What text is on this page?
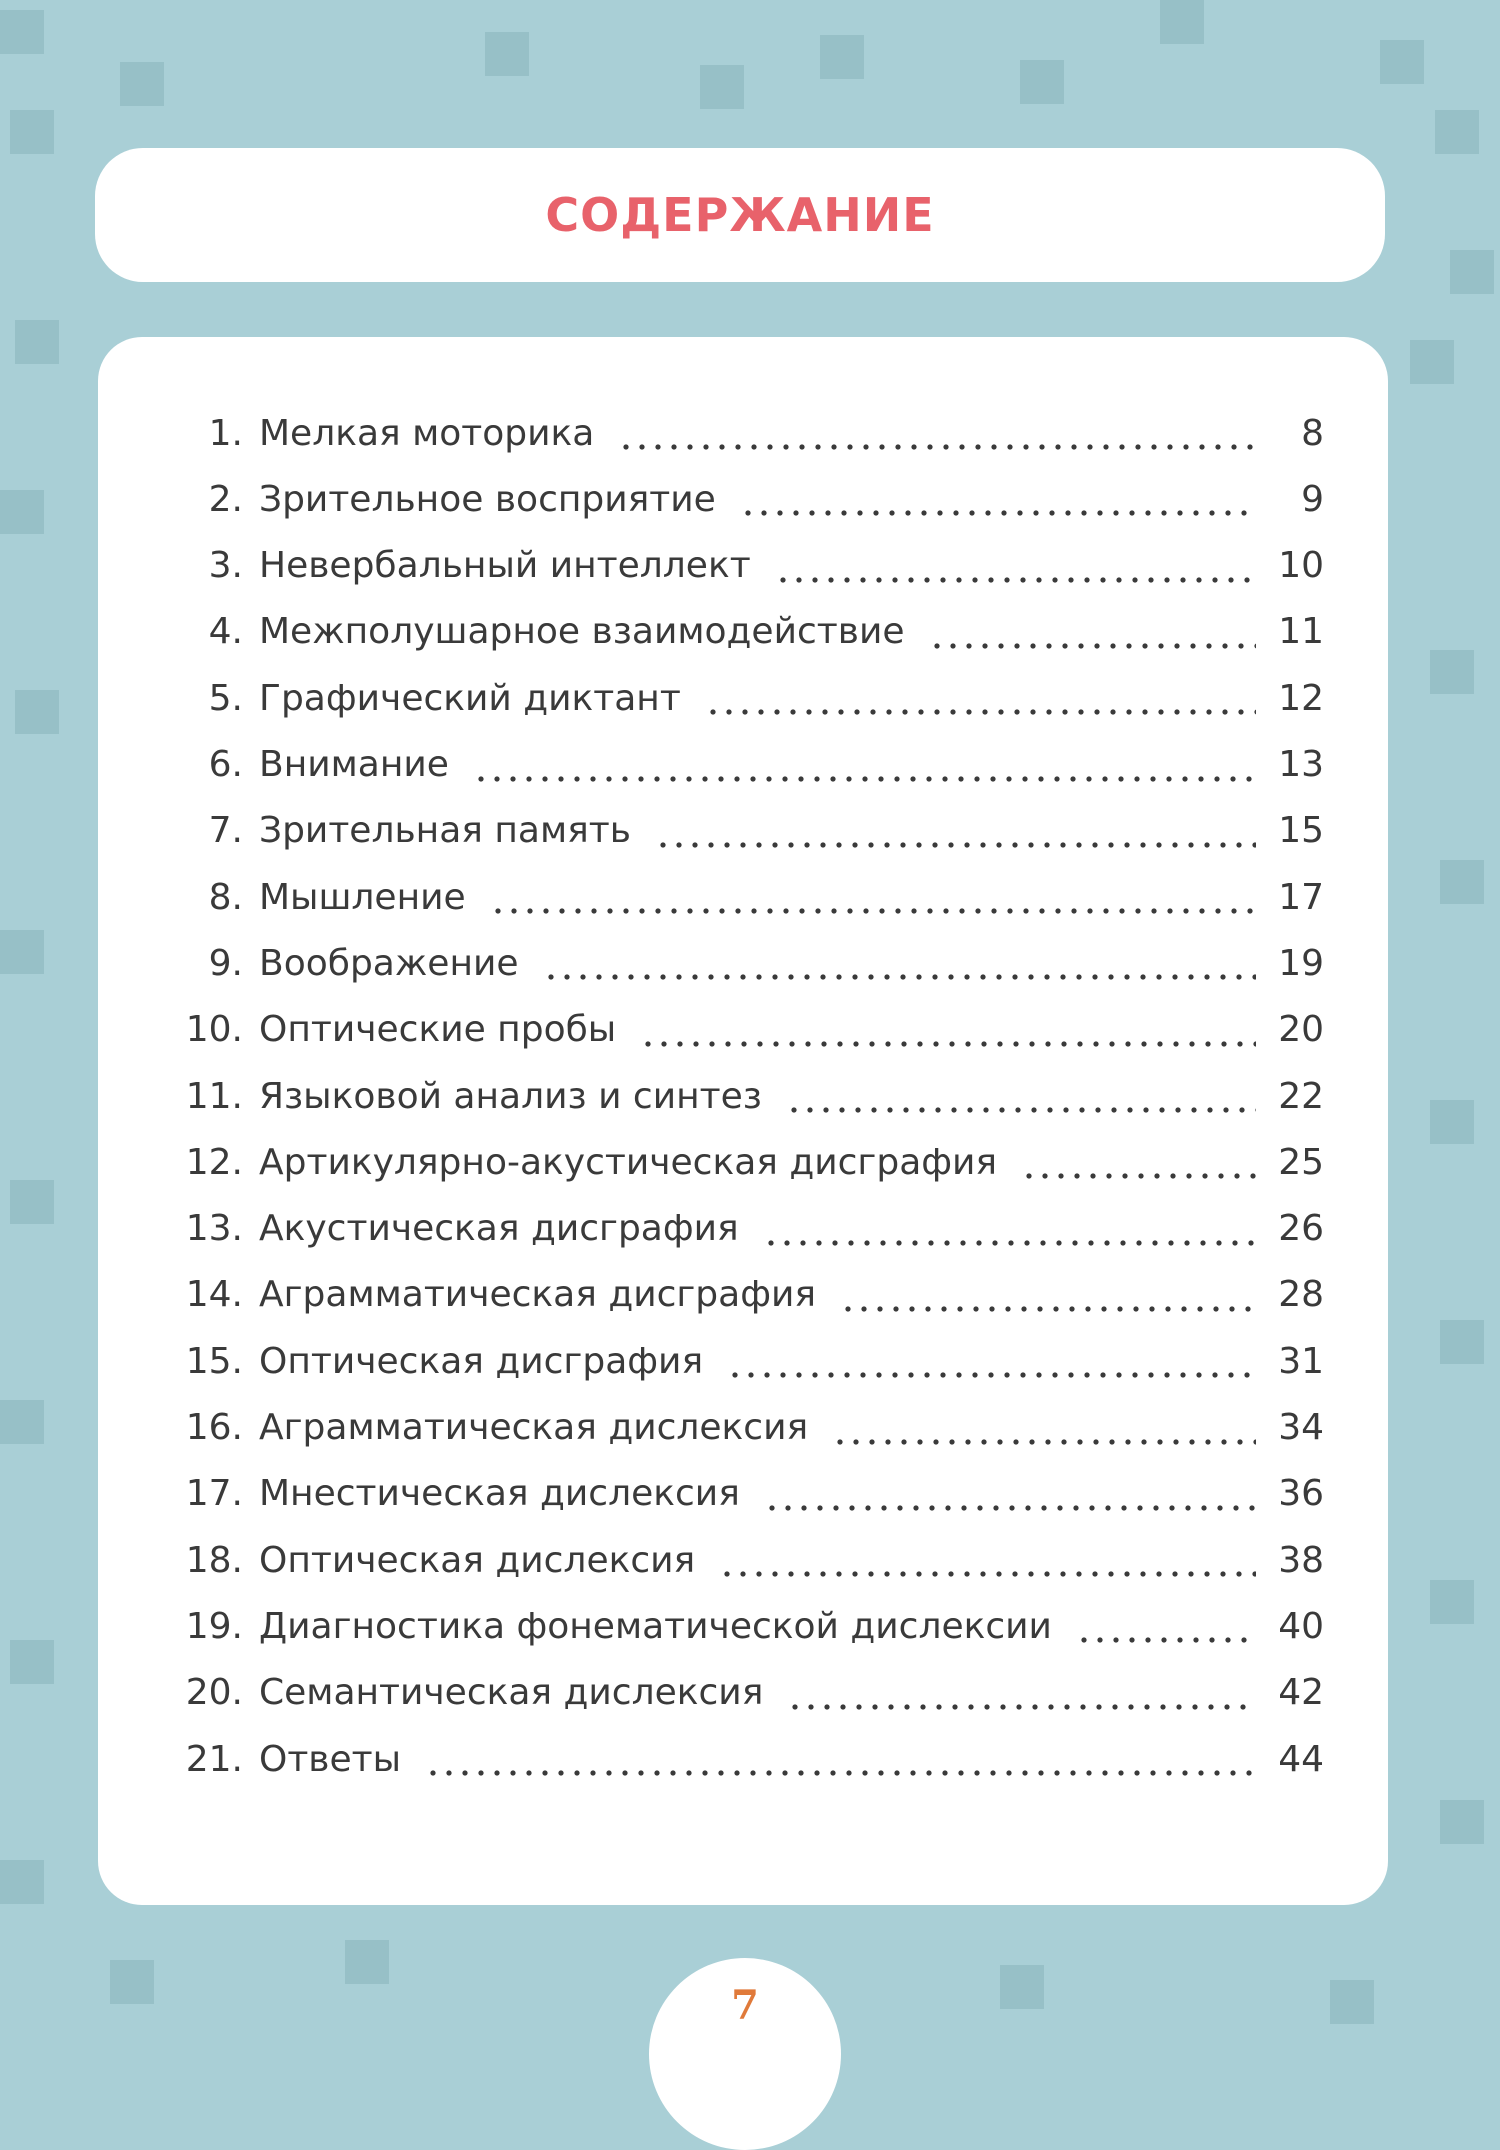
СОДЕРЖАНИЕ
1. Мелкая моторика	8
2. Зрительное восприятие	9
3. Невербальный интеллект	10
4. Межполушарное взаимодействие	11
5. Графический диктант	12
6. Внимание	13
7. Зрительная память	15
8. Мышление	17
9. Воображение	19
10. Оптические пробы	20
11. Языковой анализ и синтез	22
12. Артикулярно-акустическая дисграфия	25
13. Акустическая дисграфия	26
14. Аграмматическая дисграфия	28
15. Оптическая дисграфия	31
16. Аграмматическая дислексия	34
17. Мнестическая дислексия	36
18. Оптическая дислексия	38
19. Диагностика фонематической дислексии	40
20. Семантическая дислексия	42
21. Ответы	44
7
